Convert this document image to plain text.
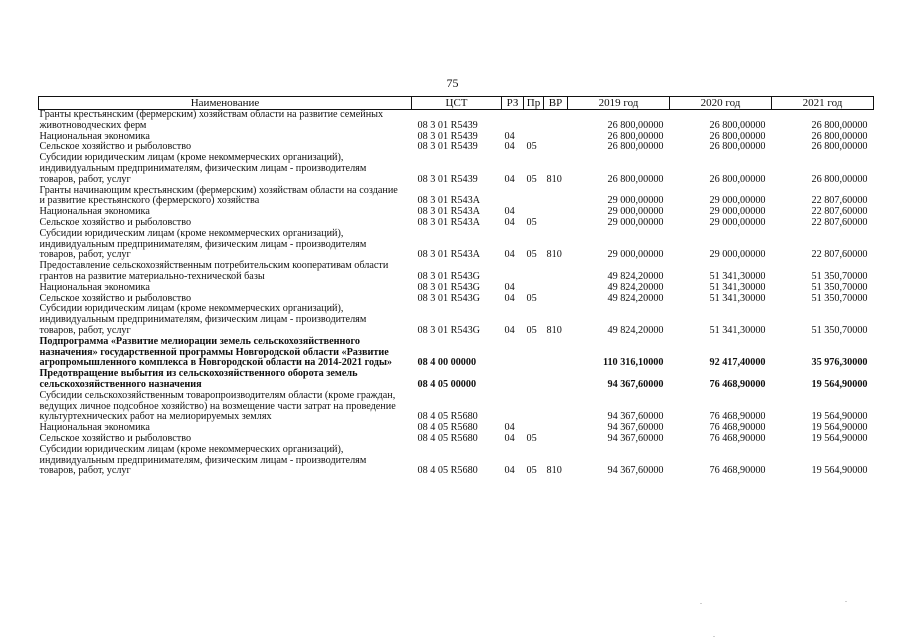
75
Наименование	ЦСТ	РЗ	Пр	ВР	2019 год	2020 год	2021 год
Гранты крестьянским (фермерским) хозяйствам области на развитие семейных животноводческих ферм	08 3 01 R5439				26 800,00000	26 800,00000	26 800,00000
Национальная экономика	08 3 01 R5439	04			26 800,00000	26 800,00000	26 800,00000
Сельское хозяйство и рыболовство	08 3 01 R5439	04	05		26 800,00000	26 800,00000	26 800,00000
Субсидии юридическим лицам (кроме некоммерческих организаций), индивидуальным предпринимателям, физическим лицам - производителям товаров, работ, услуг	08 3 01 R5439	04	05	810	26 800,00000	26 800,00000	26 800,00000
Гранты начинающим крестьянским (фермерским) хозяйствам области на создание и развитие крестьянского (фермерского) хозяйства	08 3 01 R543A				29 000,00000	29 000,00000	22 807,60000
Национальная экономика	08 3 01 R543A	04			29 000,00000	29 000,00000	22 807,60000
Сельское хозяйство и рыболовство	08 3 01 R543A	04	05		29 000,00000	29 000,00000	22 807,60000
Субсидии юридическим лицам (кроме некоммерческих организаций), индивидуальным предпринимателям, физическим лицам - производителям товаров, работ, услуг	08 3 01 R543A	04	05	810	29 000,00000	29 000,00000	22 807,60000
Предоставление сельскохозяйственным потребительским кооперативам области грантов на развитие материально-технической базы	08 3 01 R543G				49 824,20000	51 341,30000	51 350,70000
Национальная экономика	08 3 01 R543G	04			49 824,20000	51 341,30000	51 350,70000
Сельское хозяйство и рыболовство	08 3 01 R543G	04	05		49 824,20000	51 341,30000	51 350,70000
Субсидии юридическим лицам (кроме некоммерческих организаций), индивидуальным предпринимателям, физическим лицам - производителям товаров, работ, услуг	08 3 01 R543G	04	05	810	49 824,20000	51 341,30000	51 350,70000
Подпрограмма «Развитие мелиорации земель сельскохозяйственного назначения» государственной программы Новгородской области «Развитие агропромышленного комплекса в Новгородской области на 2014-2021 годы»	08 4 00 00000				110 316,10000	92 417,40000	35 976,30000
Предотвращение выбытия из сельскохозяйственного оборота земель сельскохозяйственного назначения	08 4 05 00000				94 367,60000	76 468,90000	19 564,90000
Субсидии сельскохозяйственным товаропроизводителям области (кроме граждан, ведущих личное подсобное хозяйство) на возмещение части затрат на проведение культуртехнических работ на мелиорируемых землях	08 4 05 R5680				94 367,60000	76 468,90000	19 564,90000
Национальная экономика	08 4 05 R5680	04			94 367,60000	76 468,90000	19 564,90000
Сельское хозяйство и рыболовство	08 4 05 R5680	04	05		94 367,60000	76 468,90000	19 564,90000
Субсидии юридическим лицам (кроме некоммерческих организаций), индивидуальным предпринимателям, физическим лицам - производителям товаров, работ, услуг	08 4 05 R5680	04	05	810	94 367,60000	76 468,90000	19 564,90000
